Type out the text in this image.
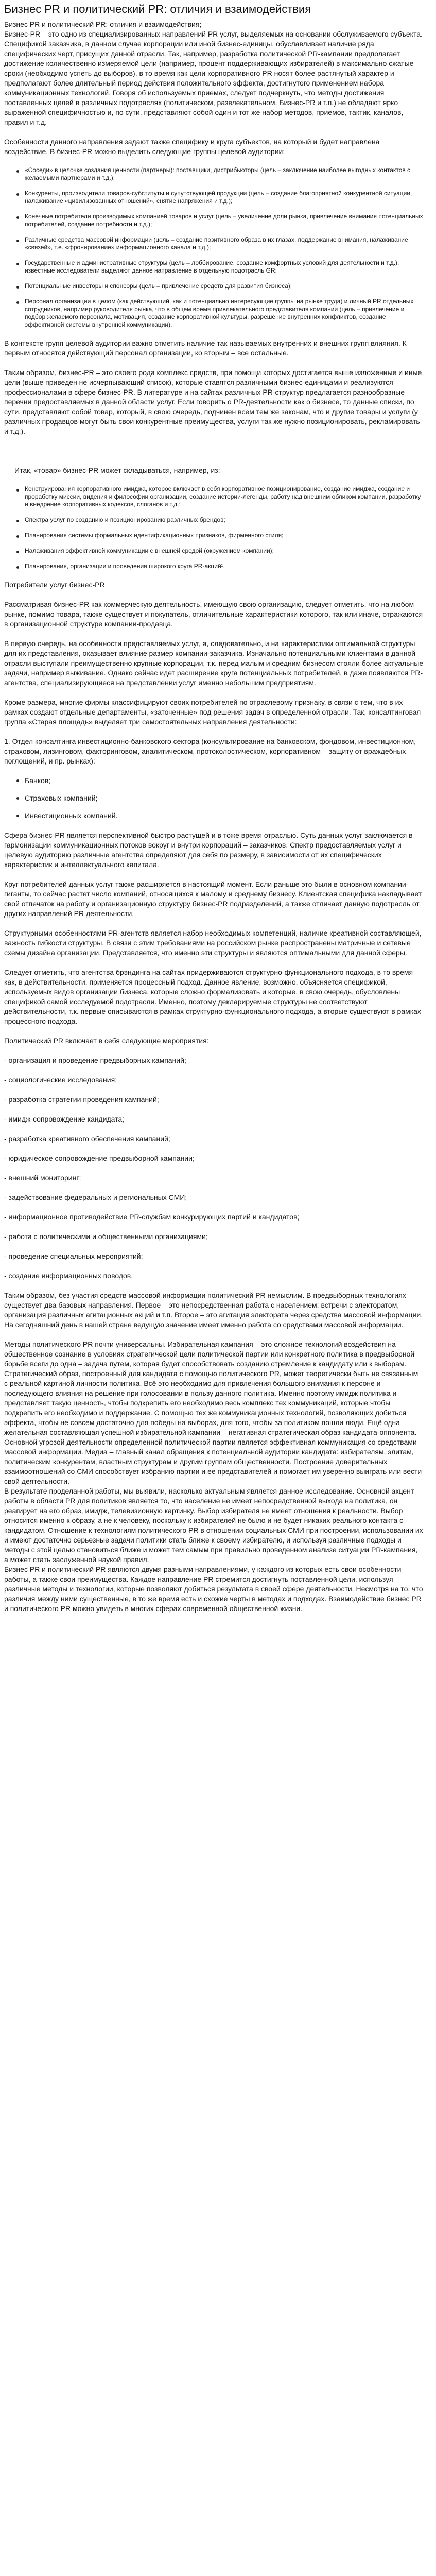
Бизнес PR и политический PR: отличия и взаимодействия

Бизнес PR и политический PR: отличия и взаимодействия;

Бизнес-PR – это одно из специализированных направлений PR услуг, выделяемых на основании обслуживаемого субъекта. Спецификой заказчика, в данном случае корпорации или иной бизнес-единицы, обуславливает наличие ряда специфических черт, присущих данной отрасли. Так, например, разработка политической PR-кампании предполагает достижение количественно измеряемой цели (например, процент поддерживающих избирателей) в максимально сжатые сроки (необходимо успеть до выборов), в то время как цели корпоративного PR носят более растянутый характер и предполагают более длительный период действия положительного эффекта, достигнутого применением набора коммуникационных технологий. Говоря об используемых приемах, следует подчеркнуть, что методы достижения поставленных целей в различных подотраслях (политическом, развлекательном, Бизнес-PR и т.п.) не обладают ярко выраженной специфичностью и, по сути, представляют собой один и тот же набор методов, приемов, тактик, каналов, правил и т.д.

Особенности данного направления задают также специфику и круга субъектов, на который и будет направлена воздействие. В бизнес-PR можно выделить следующие группы целевой аудитории:

«Соседи» в целочке создания ценности (партнеры): поставщики, дистрибьюторы (цель – заключение наиболее выгодных контактов с желаемыми партнерами и т.д.);
Конкуренты, производители товаров-субституты и супутствующей продукции (цель – создание благоприятной конкурентной ситуации, налаживание «цивилизованных отношений», снятие напряжения и т.д.);
Конечные потребители производимых компанией товаров и услуг (цель – увеличение доли рынка, привлечение внимания потенциальных потребителей, создание потребности и т.д.);
Различные средства массовой информации (цель – создание позитивного образа в их глазах, поддержание внимания, налаживание «связей», т.е. «фронирование» информационного канала и т.д.);
Государственные и административные структуры (цель – лоббирование, создание комфортных условий для деятельности и т.д.), известные исследователи выделяют данное направление в отдельную подотрасль GR;
Потенциальные инвесторы и спонсоры (цель – привлечение средств для развития бизнеса);
Персонал организации в целом (как действующий, как и потенциально интересующие группы на рынке труда) и личный PR отдельных сотрудников, например руководителя рынка, что в общем время привлекательного представителя компании (цель – привлечение и подбор желаемого персонала, мотивация, создание корпоративной культуры, разрешение внутренних конфликтов, создание эффективной системы внутренней коммуникации).

В контексте групп целевой аудитории важно отметить наличие так называемых внутренних и внешних групп влияния. К первым относятся действующий персонал организации, ко вторым – все остальные.

Таким образом, бизнес-PR – это своего рода комплекс средств, при помощи которых достигается выше изложенные и иные цели (выше приведен не исчерпывающий список), которые ставятся различными бизнес-единицами и реализуются профессионалами в сфере бизнес-PR. В литературе и на сайтах различных PR-структур предлагается разнообразные перечни предоставляемых в данной области услуг. Если говорить о PR-деятельности как о бизнесе, то данные списки, по сути, представляют собой товар, который, в свою очередь, подчинен всем тем же законам, что и другие товары и услуги (у различных продавцов могут быть свои конкурентные преимущества, услуги так же нужно позиционировать, рекламировать и т.д.).

Итак, «товар» бизнес-PR может складываться, например, из:

Конструирования корпоративного имиджа, которое включает в себя корпоративное позиционирование, создание имиджа, создание и проработку миссии, видения и философии организации, создание истории-легенды, работу над внешним обликом компании, разработку и внедрение корпоративных кодексов, слоганов и т.д.;
Спектра услуг по созданию и позиционированию различных брендов;
Планирования системы формальных идентификационных признаков, фирменного стиля;
Налаживания эффективной коммуникации с внешней средой (окружением компании);
Планирования, организации и проведения широкого круга PR-акций¹.

Потребители услуг бизнес-PR

Рассматривая бизнес-PR как коммерческую деятельность, имеющую свою организацию, следует отметить, что на любом рынке, помимо товара, также существует и покупатель, отличительные характеристики которого, так или иначе, отражаются в организационной структуре компании-продавца.

В первую очередь, на особенности представляемых услуг, а, следовательно, и на характеристики оптимальной структуры для их представления, оказывает влияние размер компании-заказчика. Изначально потенциальными клиентами в данной отрасли выступали преимущественно крупные корпорации, т.к. перед малым и средним бизнесом стояли более актуальные задачи, например выживание. Однако сейчас идет расширение круга потенциальных потребителей, в даже появляются PR-агентства, специализирующиеся на представлении услуг именно небольшим предприятиям.

Кроме размера, многие фирмы классифицируют своих потребителей по отраслевому признаку, в связи с тем, что в их рамках создают отдельные департаменты, «заточенные» под решения задач в определенной отрасли. Так, консалтинговая группа «Старая площадь» выделяет три самостоятельных направления деятельности:

1. Отдел консалтинга инвестиционно-банковского сектора (консультирование на банковском, фондовом, инвестиционном, страховом, лизинговом, факторинговом, аналитическом, протоколостическом, корпоративном – защиту от враждебных поглощений, и пр. рынках):

Банков;
Страховых компаний;
Инвестиционных компаний.

Сфера бизнес-PR является перспективной быстро растущей и в тоже время отраслью. Суть данных услуг заключается в гармонизации коммуникационных потоков вокруг и внутри корпораций – заказчиков. Спектр предоставляемых услуг и целевую аудиторию различные агентства определяют для себя по размеру, в зависимости от их специфических характеристик и интеллектуального капитала.

Круг потребителей данных услуг также расширяется в настоящий момент. Если раньше это были в основном компании-гиганты, то сейчас растет число компаний, относящихся к малому и среднему бизнесу. Клиентская специфика накладывает свой отпечаток на работу и организационную структуру бизнес-PR подразделений, а также отличает данную подотрасль от других направлений PR деятельности.

Структурными особенностями PR-агентств является набор необходимых компетенций, наличие креативной составляющей, важность гибкости структуры. В связи с этим требованиями на российском рынке распространены матричные и сетевые схемы дизайна организации. Представляется, что именно эти структуры и являются оптимальными для данной сферы.

Следует отметить, что агентства брэндинга на сайтах придерживаются структурно-функционального подхода, в то время как, в действительности, применяется процессный подход. Данное явление, возможно, объясняется спецификой, используемых видов организации бизнеса, которые сложно формализовать и которые, в свою очередь, обусловлены спецификой самой исследуемой подотрасли. Именно, поэтому декларируемые структуры не соответствуют действительности, т.к. первые описываются в рамках структурно-функционального подхода, а вторые существуют в рамках процессного подхода.

Политический PR включает в себя следующие мероприятия:

- организация и проведение предвыборных кампаний;
- социологические исследования;
- разработка стратегии проведения кампаний;
- имидж-сопровождение кандидата;
- разработка креативного обеспечения кампаний;
- юридическое сопровождение предвыборной кампании;
- внешний мониторинг;
- задействование федеральных и региональных СМИ;
- информационное противодействие PR-службам конкурирующих партий и кандидатов;
- работа с политическими и общественными организациями;
- проведение специальных мероприятий;
- создание информационных поводов.

Таким образом, без участия средств массовой информации политический PR немыслим. В предвыборных технологиях существует два базовых направления. Первое – это непосредственная работа с населением: встречи с электоратом, организация различных агитационных акций и т.п. Второе – это агитация электората через средства массовой информации. На сегодняшний день в нашей стране ведущую значение имеет именно работа со средствами массовой информации.

Методы политического PR почти универсальны. Избирательная кампания – это сложное технологий воздействия на общественное сознание в условиях стратегической цели политической партии или конкретного политика в предвыборной борьбе всеги до одна – задача путем, которая будет способствовать созданию стремление к кандидату или к выборам. Стратегический образ, построенный для кандидата с помощью политического PR, может теоретически быть не связанным с реальной картиной личности политика. Всё это необходимо для привлечения большого внимания к персоне и последующего влияния на решение при голосовании в пользу данного политика. Именно поэтому имидж политика и представляет такую ценность, чтобы подкрепить его необходимо весь комплекс тех коммуникаций, которые чтобы подкрепить его необходимо и поддержание. С помощью тех же коммуникационных технологий, позволяющих добиться эффекта, чтобы не совсем достаточно для победы на выборах, для того, чтобы за политиком пошли люди. Ещё одна желательная составляющая успешной избирательной кампании – негативная стратегическая образ кандидата-оппонента.

Основной угрозой деятельности определенной политической партии является эффективная коммуникация со средствами массовой информации. Медиа – главный канал обращения к потенциальной аудитории кандидата: избирателям, элитам, политическим конкурентам, властным структурам и другим группам общественности. Построение доверительных взаимоотношений со СМИ способствует избранию партии и ее представителей и помогает им уверенно выиграть или вести свой деятельности.

В результате проделанной работы, мы выявили, насколько актуальным является данное исследование. Основной акцент работы в области PR для политиков является то, что население не имеет непосредственной выхода на политика, он реагирует на его образ, имидж, телевизионную картинку. Выбор избирателя не имеет отношения к реальности. Выбор относится именно к образу, а не к человеку, поскольку к избирателей не было и не будет никаких реального контакта с кандидатом. Отношение к технологиям политического PR в отношении социальных СМИ при построении, использовании их и имеют достаточно серьезные задачи политики стать ближе к своему избирателю, и используя различные подходы и методы с этой целью становиться ближе и может тем самым при правильно проведенном анализе ситуации PR-кампания, а может стать заслуженной наукой правил.

Бизнес PR и политический PR являются двумя разными направлениями, у каждого из которых есть свои особенности работы, а также свои преимущества. Каждое направление PR стремится достигнуть поставленной цели, используя различные методы и технологии, которые позволяют добиться результата в своей сфере деятельности. Несмотря на то, что различия между ними существенные, в то же время есть и схожие черты в методах и подходах. Взаимодействие бизнес PR и политического PR можно увидеть в многих сферах современной общественной жизни.
